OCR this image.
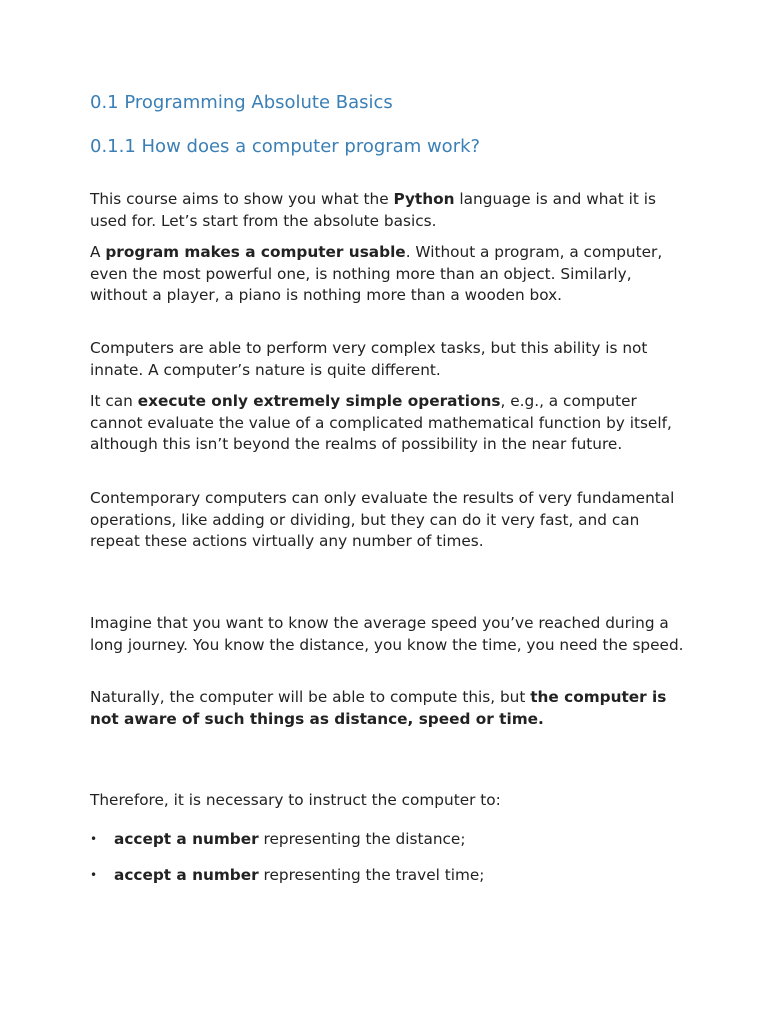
0.1 Programming Absolute Basics
0.1.1 How does a computer program work?

This course aims to show you what the Python language is and what it is used for. Let’s start from the absolute basics.

A program makes a computer usable. Without a program, a computer, even the most powerful one, is nothing more than an object. Similarly, without a player, a piano is nothing more than a wooden box.

Computers are able to perform very complex tasks, but this ability is not innate. A computer’s nature is quite different.

It can execute only extremely simple operations, e.g., a computer cannot evaluate the value of a complicated mathematical function by itself, although this isn’t beyond the realms of possibility in the near future.

Contemporary computers can only evaluate the results of very fundamental operations, like adding or dividing, but they can do it very fast, and can repeat these actions virtually any number of times.

Imagine that you want to know the average speed you’ve reached during a long journey. You know the distance, you know the time, you need the speed.

Naturally, the computer will be able to compute this, but the computer is not aware of such things as distance, speed or time.

Therefore, it is necessary to instruct the computer to:

• accept a number representing the distance;
• accept a number representing the travel time;
